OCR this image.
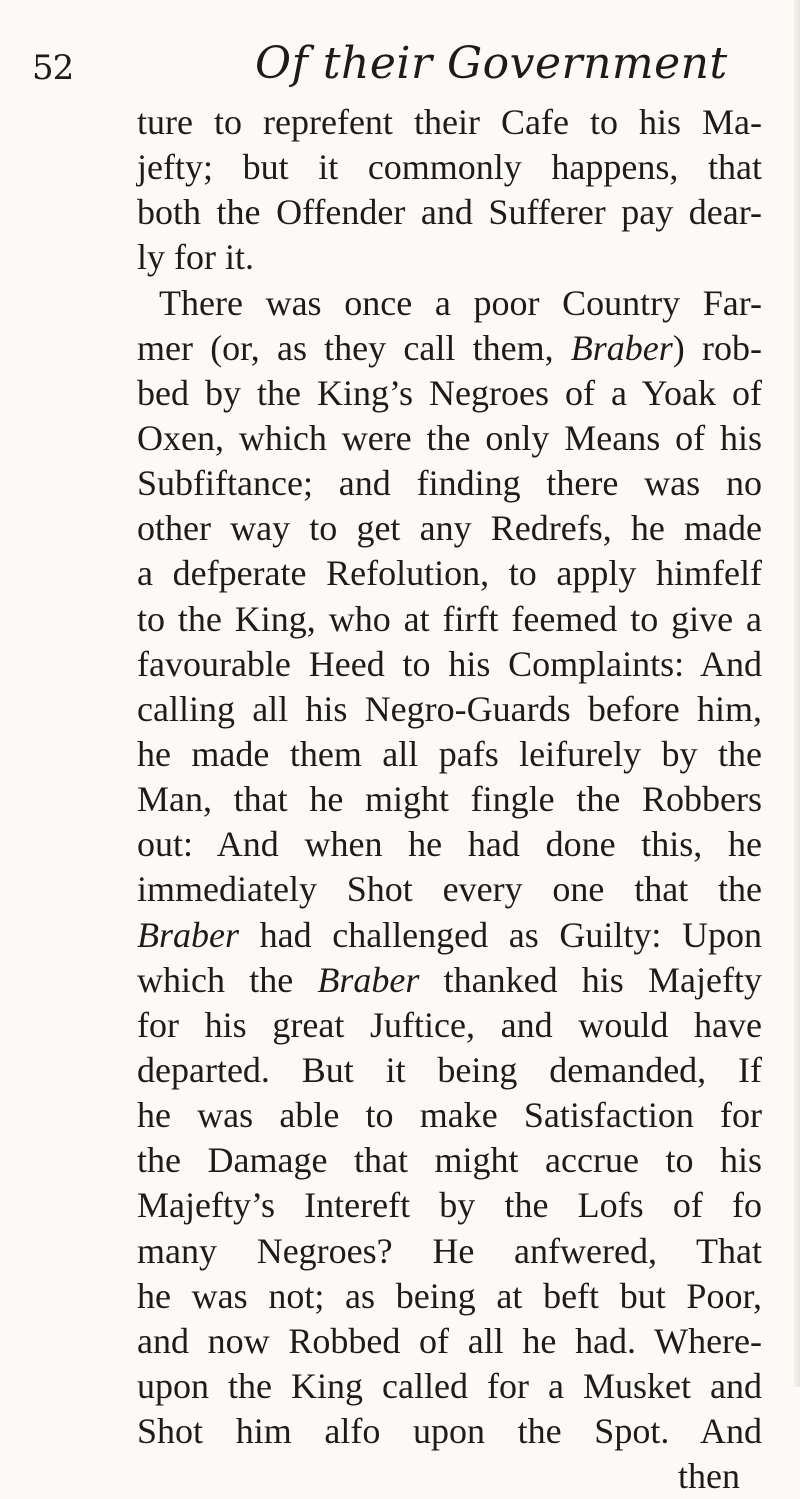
52	Of their Government
ture to reprefent their Cafe to his Ma-
jefty; but it commonly happens, that
both the Offender and Sufferer pay dear-
ly for it.
There was once a poor Country Far-
mer (or, as they call them, Braber) rob-
bed by the King’s Negroes of a Yoak of
Oxen, which were the only Means of his
Subfiftance; and finding there was no
other way to get any Redrefs, he made
a defperate Refolution, to apply himfelf
to the King, who at firft feemed to give a
favourable Heed to his Complaints: And
calling all his Negro-Guards before him,
he made them all pafs leifurely by the
Man, that he might fingle the Robbers
out: And when he had done this, he
immediately Shot every one that the
Braber had challenged as Guilty: Upon
which the Braber thanked his Majefty
for his great Juftice, and would have
departed. But it being demanded, If
he was able to make Satisfaction for
the Damage that might accrue to his
Majefty’s Intereft by the Lofs of fo
many Negroes? He anfwered, That
he was not; as being at beft but Poor,
and now Robbed of all he had. Where-
upon the King called for a Musket and
Shot him alfo upon the Spot. And
then
